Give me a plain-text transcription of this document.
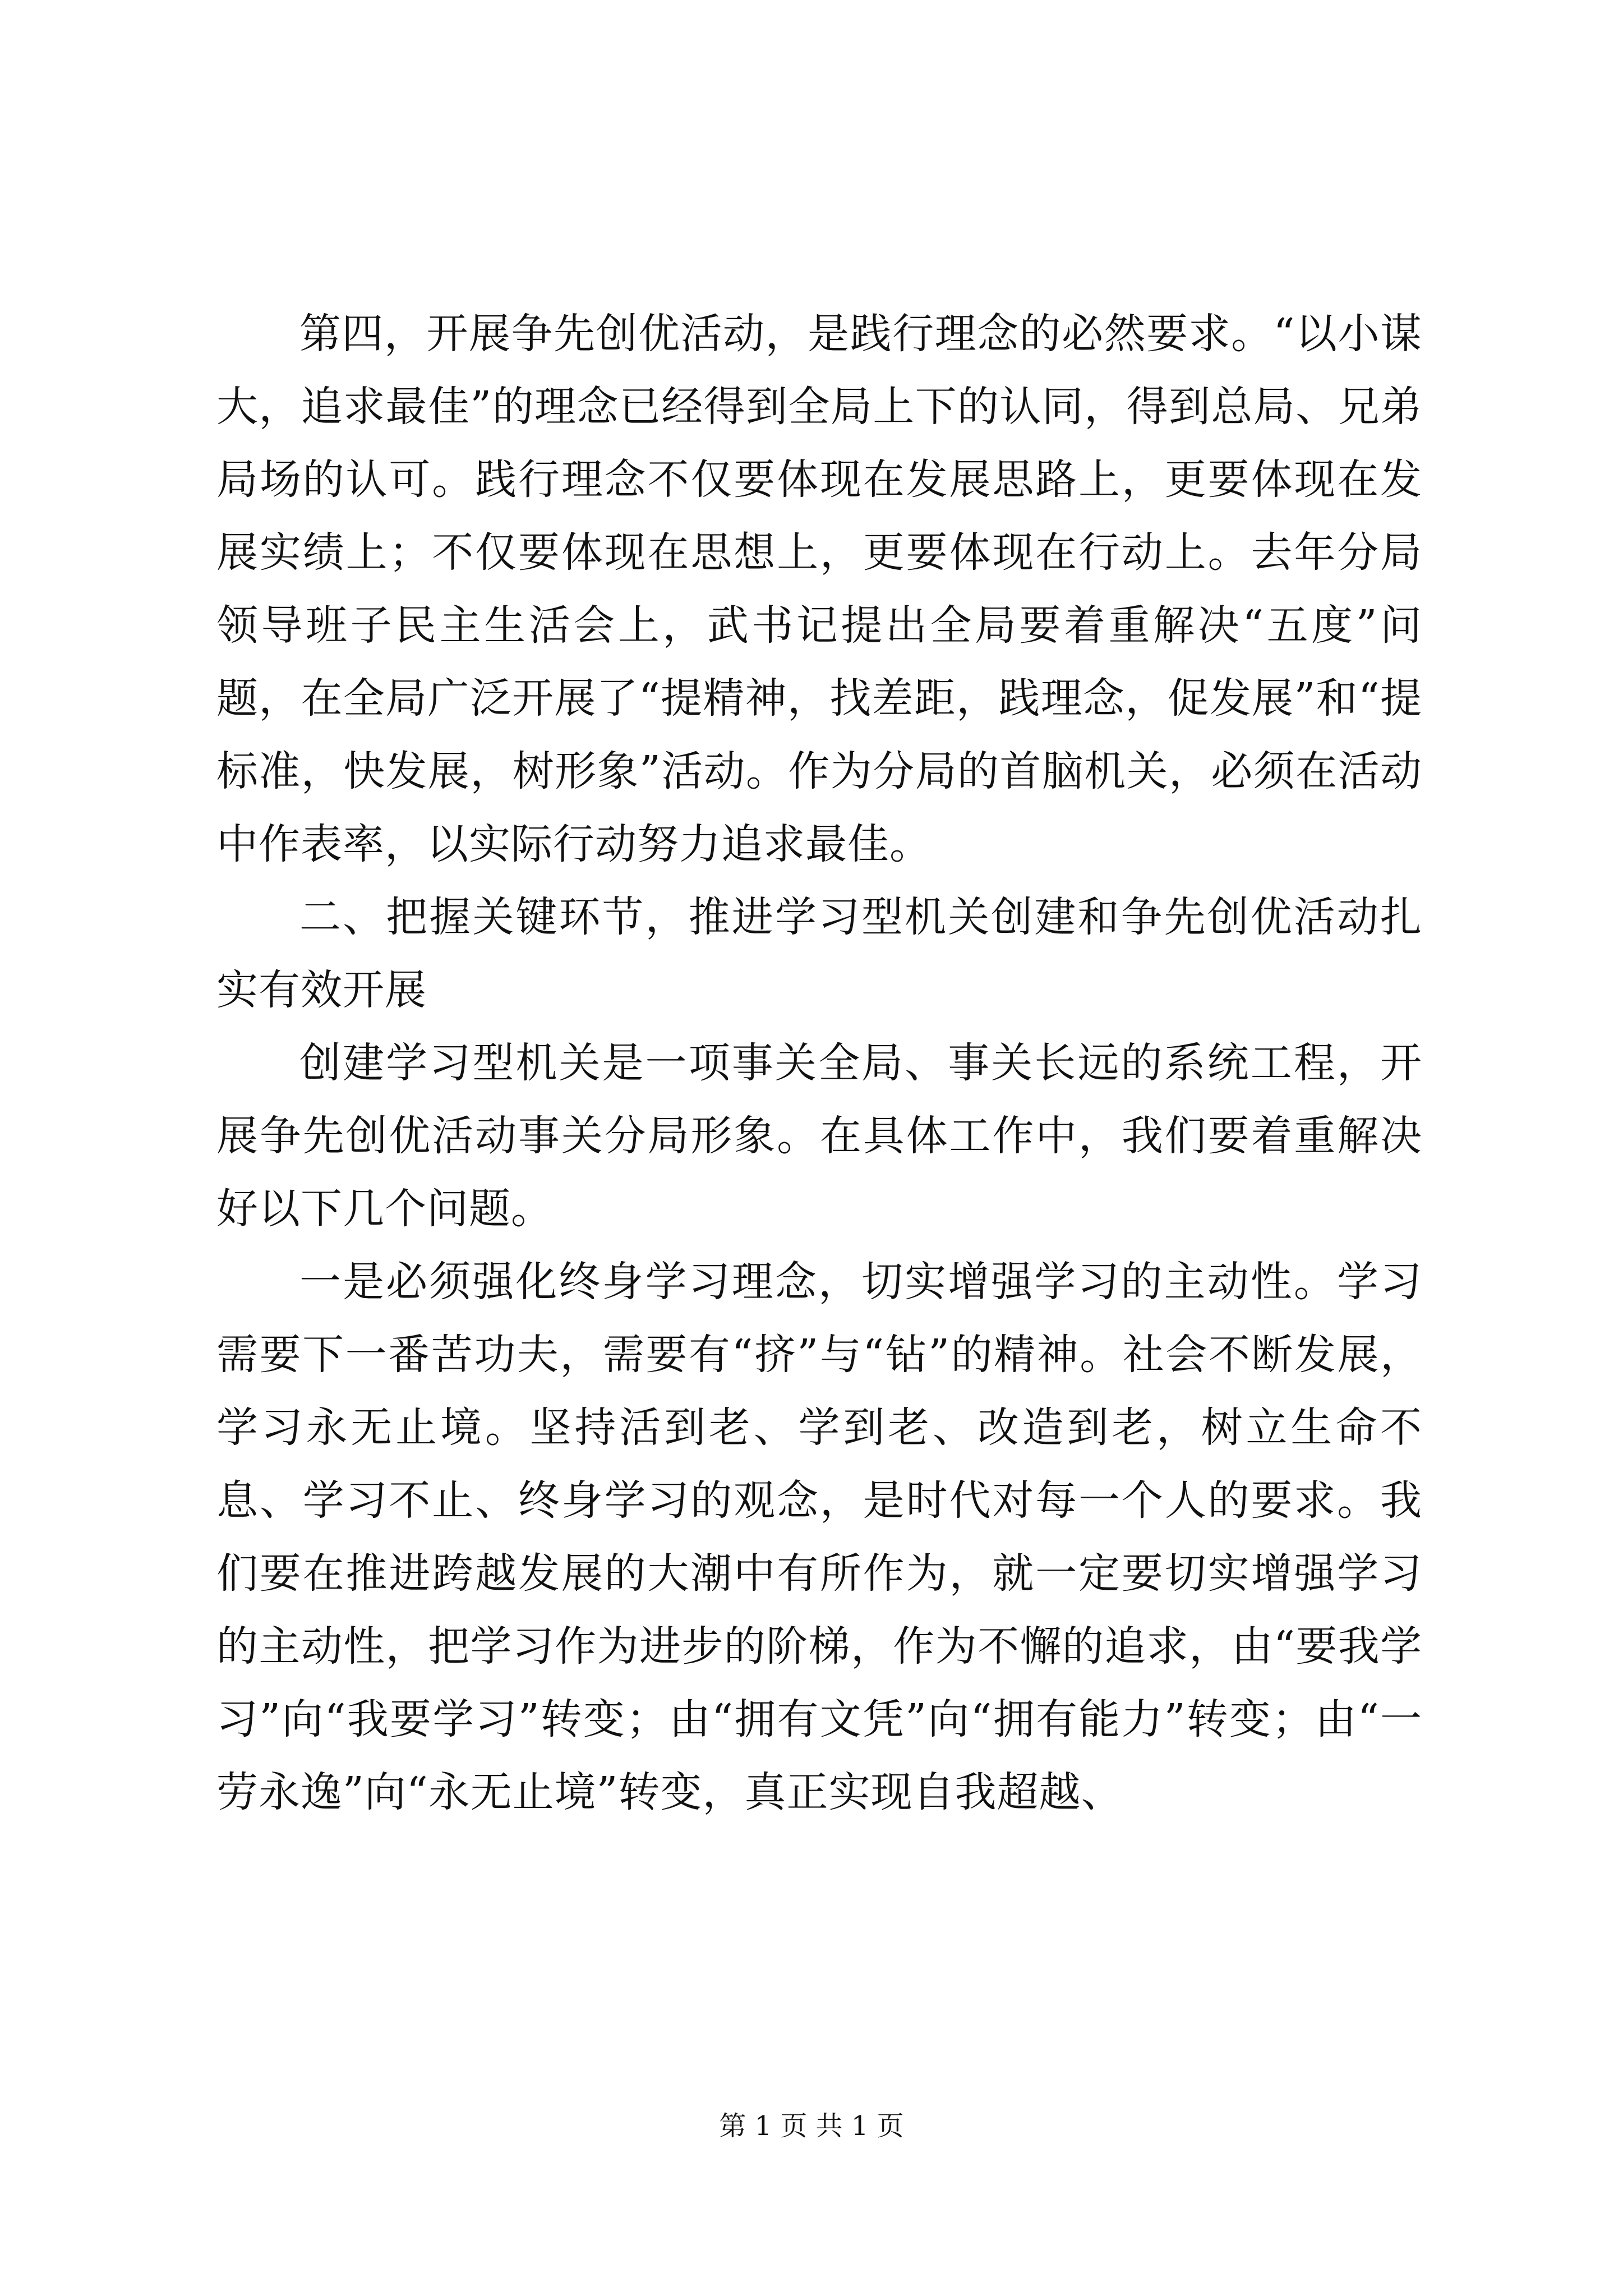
第四，开展争先创优活动，是践行理念的必然要求。“以小谋大，追求最佳”的理念已经得到全局上下的认同，得到总局、兄弟局场的认可。践行理念不仅要体现在发展思路上，更要体现在发展实绩上；不仅要体现在思想上，更要体现在行动上。去年分局领导班子民主生活会上，武书记提出全局要着重解决“五度”问题，在全局广泛开展了“提精神，找差距，践理念，促发展”和“提标准，快发展，树形象”活动。作为分局的首脑机关，必须在活动中作表率，以实际行动努力追求最佳。

二、把握关键环节，推进学习型机关创建和争先创优活动扎实有效开展

创建学习型机关是一项事关全局、事关长远的系统工程，开展争先创优活动事关分局形象。在具体工作中，我们要着重解决好以下几个问题。

一是必须强化终身学习理念，切实增强学习的主动性。学习需要下一番苦功夫，需要有“挤”与“钻”的精神。社会不断发展，学习永无止境。坚持活到老、学到老、改造到老，树立生命不息、学习不止、终身学习的观念，是时代对每一个人的要求。我们要在推进跨越发展的大潮中有所作为，就一定要切实增强学习的主动性，把学习作为进步的阶梯，作为不懈的追求，由“要我学习”向“我要学习”转变；由“拥有文凭”向“拥有能力”转变；由“一劳永逸”向“永无止境”转变，真正实现自我超越、

第 1 页 共 1 页
